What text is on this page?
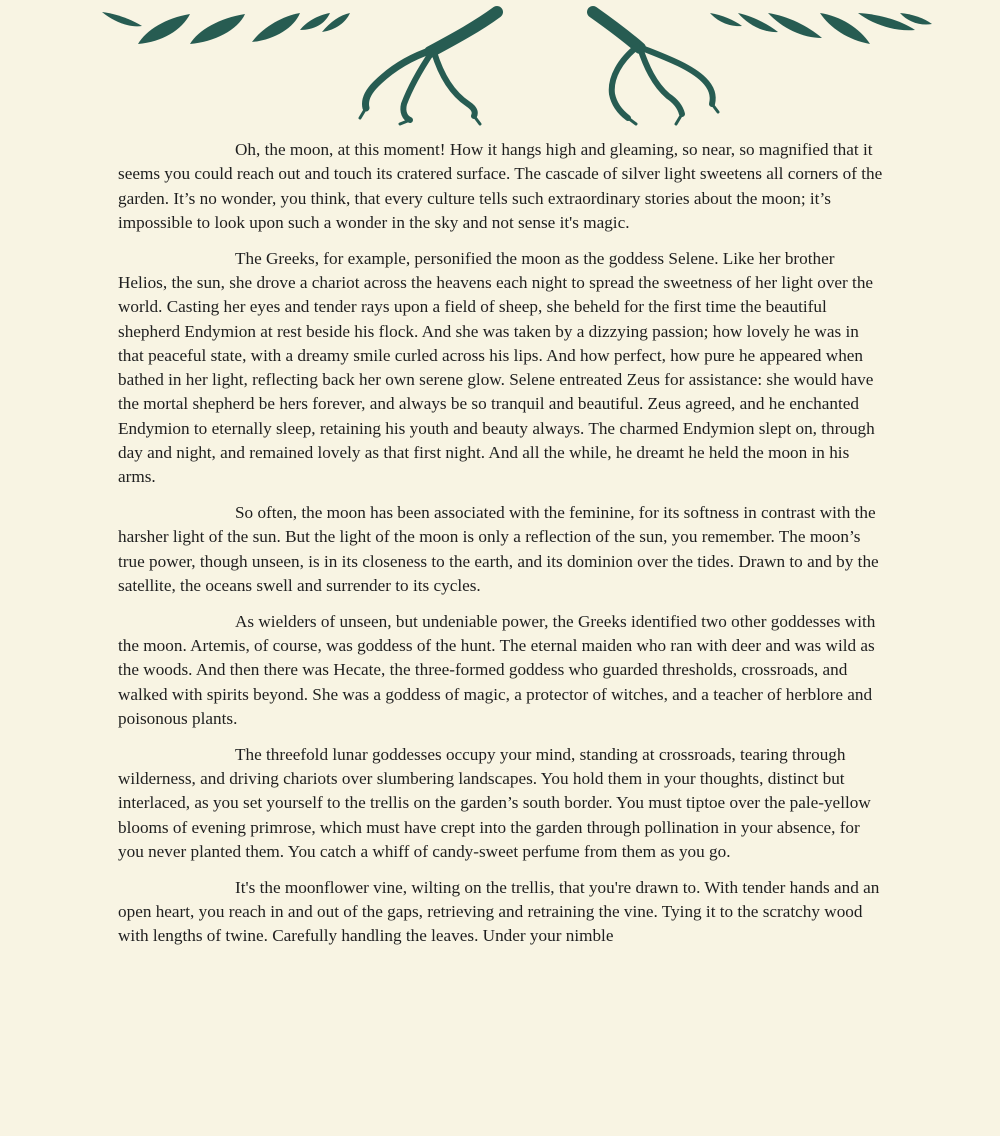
Oh, the moon, at this moment! How it hangs high and gleaming, so near, so magnified that it seems you could reach out and touch its cratered surface. The cascade of silver light sweetens all corners of the garden. It’s no wonder, you think, that every culture tells such extraordinary stories about the moon; it’s impossible to look upon such a wonder in the sky and not sense it's magic.

The Greeks, for example, personified the moon as the goddess Selene. Like her brother Helios, the sun, she drove a chariot across the heavens each night to spread the sweetness of her light over the world. Casting her eyes and tender rays upon a field of sheep, she beheld for the first time the beautiful shepherd Endymion at rest beside his flock. And she was taken by a dizzying passion; how lovely he was in that peaceful state, with a dreamy smile curled across his lips. And how perfect, how pure he appeared when bathed in her light, reflecting back her own serene glow. Selene entreated Zeus for assistance: she would have the mortal shepherd be hers forever, and always be so tranquil and beautiful. Zeus agreed, and he enchanted Endymion to eternally sleep, retaining his youth and beauty always. The charmed Endymion slept on, through day and night, and remained lovely as that first night. And all the while, he dreamt he held the moon in his arms.

So often, the moon has been associated with the feminine, for its softness in contrast with the harsher light of the sun. But the light of the moon is only a reflection of the sun, you remember. The moon’s true power, though unseen, is in its closeness to the earth, and its dominion over the tides. Drawn to and by the satellite, the oceans swell and surrender to its cycles.

As wielders of unseen, but undeniable power, the Greeks identified two other goddesses with the moon. Artemis, of course, was goddess of the hunt. The eternal maiden who ran with deer and was wild as the woods. And then there was Hecate, the three-formed goddess who guarded thresholds, crossroads, and walked with spirits beyond. She was a goddess of magic, a protector of witches, and a teacher of herblore and poisonous plants.

The threefold lunar goddesses occupy your mind, standing at crossroads, tearing through wilderness, and driving chariots over slumbering landscapes. You hold them in your thoughts, distinct but interlaced, as you set yourself to the trellis on the garden’s south border. You must tiptoe over the pale-yellow blooms of evening primrose, which must have crept into the garden through pollination in your absence, for you never planted them. You catch a whiff of candy-sweet perfume from them as you go.

It's the moonflower vine, wilting on the trellis, that you're drawn to. With tender hands and an open heart, you reach in and out of the gaps, retrieving and retraining the vine. Tying it to the scratchy wood with lengths of twine. Carefully handling the leaves. Under your nimble
